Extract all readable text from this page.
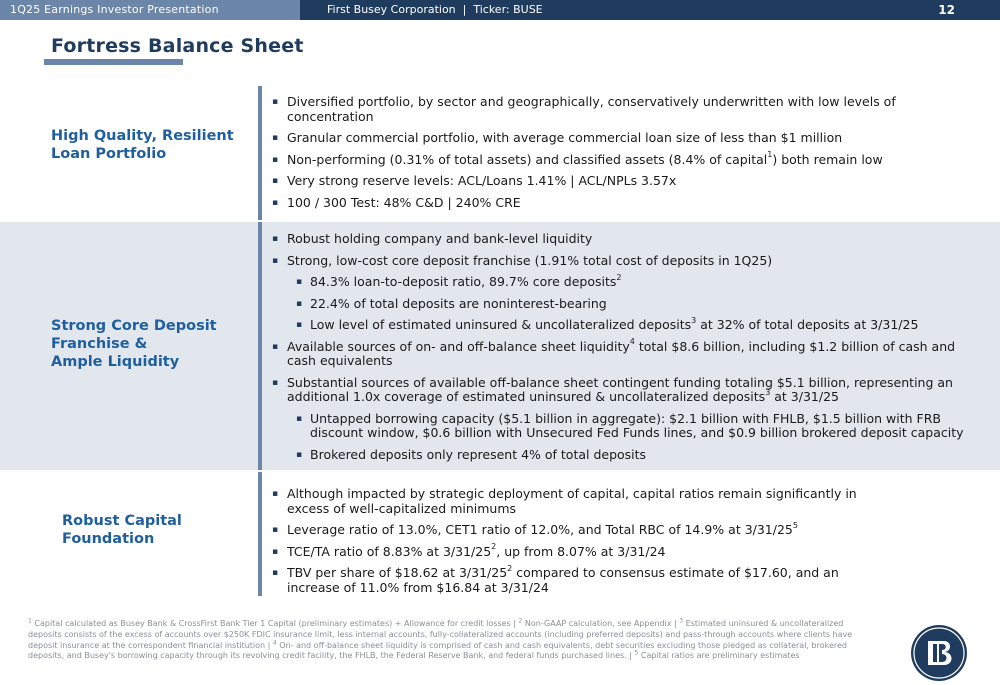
1Q25 Earnings Investor Presentation	First Busey Corporation  |  Ticker: BUSE	12
Fortress Balance Sheet
High Quality, Resilient
Loan Portfolio
▪ Diversified portfolio, by sector and geographically, conservatively underwritten with low levels of concentration
▪ Granular commercial portfolio, with average commercial loan size of less than $1 million
▪ Non-performing (0.31% of total assets) and classified assets (8.4% of capital$^1$) both remain low
▪ Very strong reserve levels: ACL/Loans 1.41% | ACL/NPLs 3.57x
▪ 100 / 300 Test: 48% C&D | 240% CRE
Strong Core Deposit
Franchise &
Ample Liquidity
▪ Robust holding company and bank-level liquidity
▪ Strong, low-cost core deposit franchise (1.91% total cost of deposits in 1Q25)
▪ 84.3% loan-to-deposit ratio, 89.7% core deposits$^2$
▪ 22.4% of total deposits are noninterest-bearing
▪ Low level of estimated uninsured & uncollateralized deposits$^3$ at 32% of total deposits at 3/31/25
▪ Available sources of on- and off-balance sheet liquidity$^4$ total $8.6 billion, including $1.2 billion of cash and cash equivalents
▪ Substantial sources of available off-balance sheet contingent funding totaling $5.1 billion, representing an additional 1.0x coverage of estimated uninsured & uncollateralized deposits$^3$ at 3/31/25
▪ Untapped borrowing capacity ($5.1 billion in aggregate): $2.1 billion with FHLB, $1.5 billion with FRB discount window, $0.6 billion with Unsecured Fed Funds lines, and $0.9 billion brokered deposit capacity
▪ Brokered deposits only represent 4% of total deposits
Robust Capital
Foundation
▪ Although impacted by strategic deployment of capital, capital ratios remain significantly in excess of well-capitalized minimums
▪ Leverage ratio of 13.0%, CET1 ratio of 12.0%, and Total RBC of 14.9% at $3/31/25^5$
▪ TCE/TA ratio of 8.83% at $3/31/25^2$, up from 8.07% at 3/31/24
▪ TBV per share of $18.62 at $3/31/25^2$ compared to consensus estimate of $17.60, and an increase of 11.0% from $16.84 at 3/31/24
$^1$ Capital calculated as Busey Bank & CrossFirst Bank Tier 1 Capital (preliminary estimates) + Allowance for credit losses | $^2$ Non-GAAP calculation, see Appendix | $^3$ Estimated uninsured & uncollateralized deposits consists of the excess of accounts over $250K FDIC insurance limit, less internal accounts, fully-collateralized accounts (including preferred deposits) and pass-through accounts where clients have deposit insurance at the correspondent financial institution | $^4$ On- and off-balance sheet liquidity is comprised of cash and cash equivalents, debt securities excluding those pledged as collateral, brokered deposits, and Busey's borrowing capacity through its revolving credit facility, the FHLB, the Federal Reserve Bank, and federal funds purchased lines. | $^5$ Capital ratios are preliminary estimates
